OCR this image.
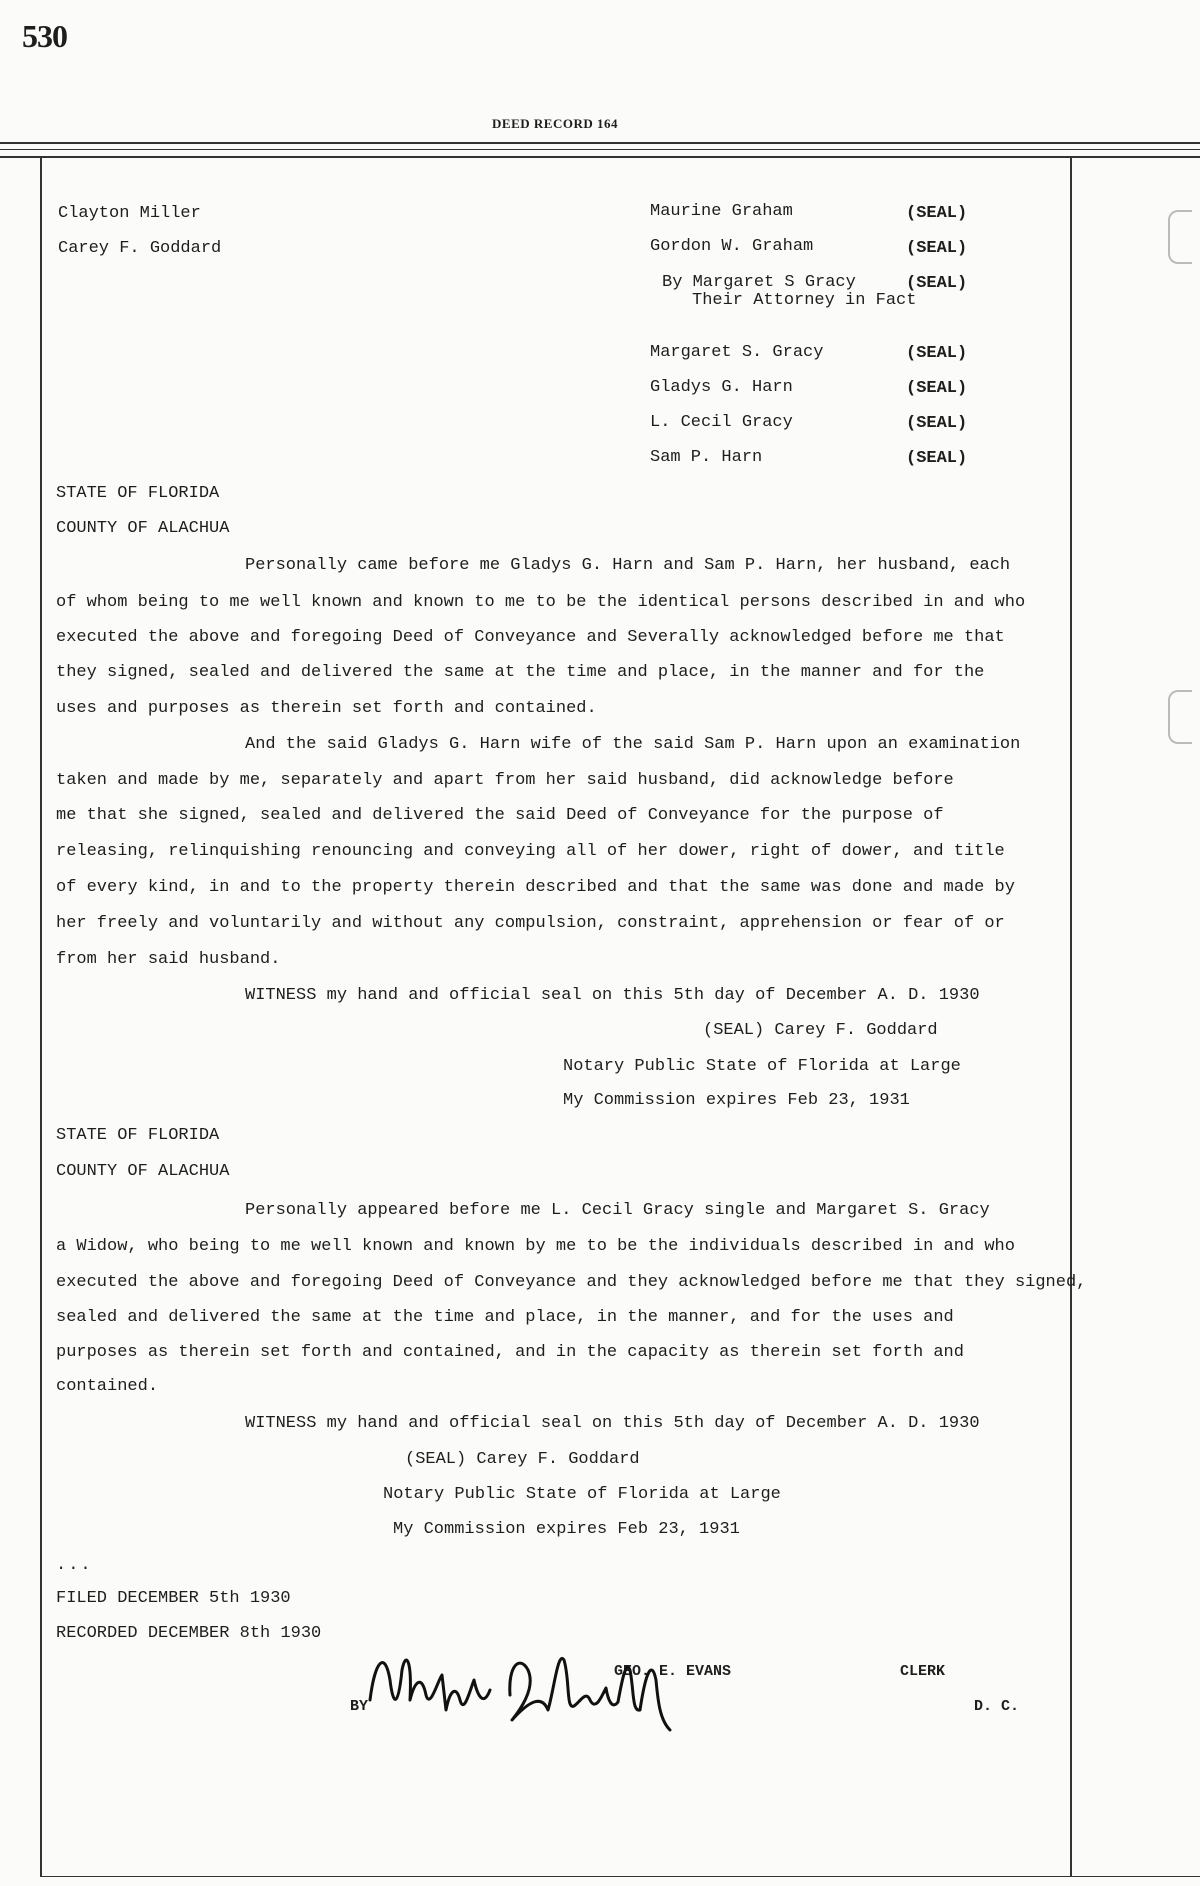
530
DEED RECORD 164
Clayton Miller
Carey F. Goddard
Maurine Graham	(SEAL)
Gordon W. Graham	(SEAL)
By Margaret S Gracy	(SEAL)
Their Attorney in Fact
Margaret S. Gracy	(SEAL)
Gladys G. Harn	(SEAL)
L. Cecil Gracy	(SEAL)
Sam P. Harn	(SEAL)
STATE OF FLORIDA
COUNTY OF ALACHUA
Personally came before me Gladys G. Harn and Sam P. Harn, her husband, each
of whom being to me well known and known to me to be the identical persons described in and who
executed the above and foregoing Deed of Conveyance and Severally acknowledged before me that
they signed, sealed and delivered the same at the time and place, in the manner and for the
uses and purposes as therein set forth and contained.
And the said Gladys G. Harn wife of the said Sam P. Harn upon an examination
taken and made by me, separately and apart from her said husband, did acknowledge before
me that she signed, sealed and delivered the said Deed of Conveyance for the purpose of
releasing, relinquishing renouncing and conveying all of her dower, right of dower, and title
of every kind, in and to the property therein described and that the same was done and made by
her freely and voluntarily and without any compulsion, constraint, apprehension or fear of or
from her said husband.
WITNESS my hand and official seal on this 5th day of December A. D. 1930
(SEAL) Carey F. Goddard
Notary Public State of Florida at Large
My Commission expires Feb 23, 1931
STATE OF FLORIDA
COUNTY OF ALACHUA
Personally appeared before me L. Cecil Gracy single and Margaret S. Gracy
a Widow, who being to me well known and known by me to be the individuals described in and who
executed the above and foregoing Deed of Conveyance and they acknowledged before me that they signed,
sealed and delivered the same at the time and place, in the manner, and for the uses and
purposes as therein set forth and contained, and in the capacity as therein set forth and
contained.
WITNESS my hand and official seal on this 5th day of December A. D. 1930
(SEAL) Carey F. Goddard
Notary Public State of Florida at Large
My Commission expires Feb 23, 1931
...
FILED DECEMBER 5th 1930
RECORDED DECEMBER 8th 1930
BY
GEO. E. EVANS	CLERK
D. C.
